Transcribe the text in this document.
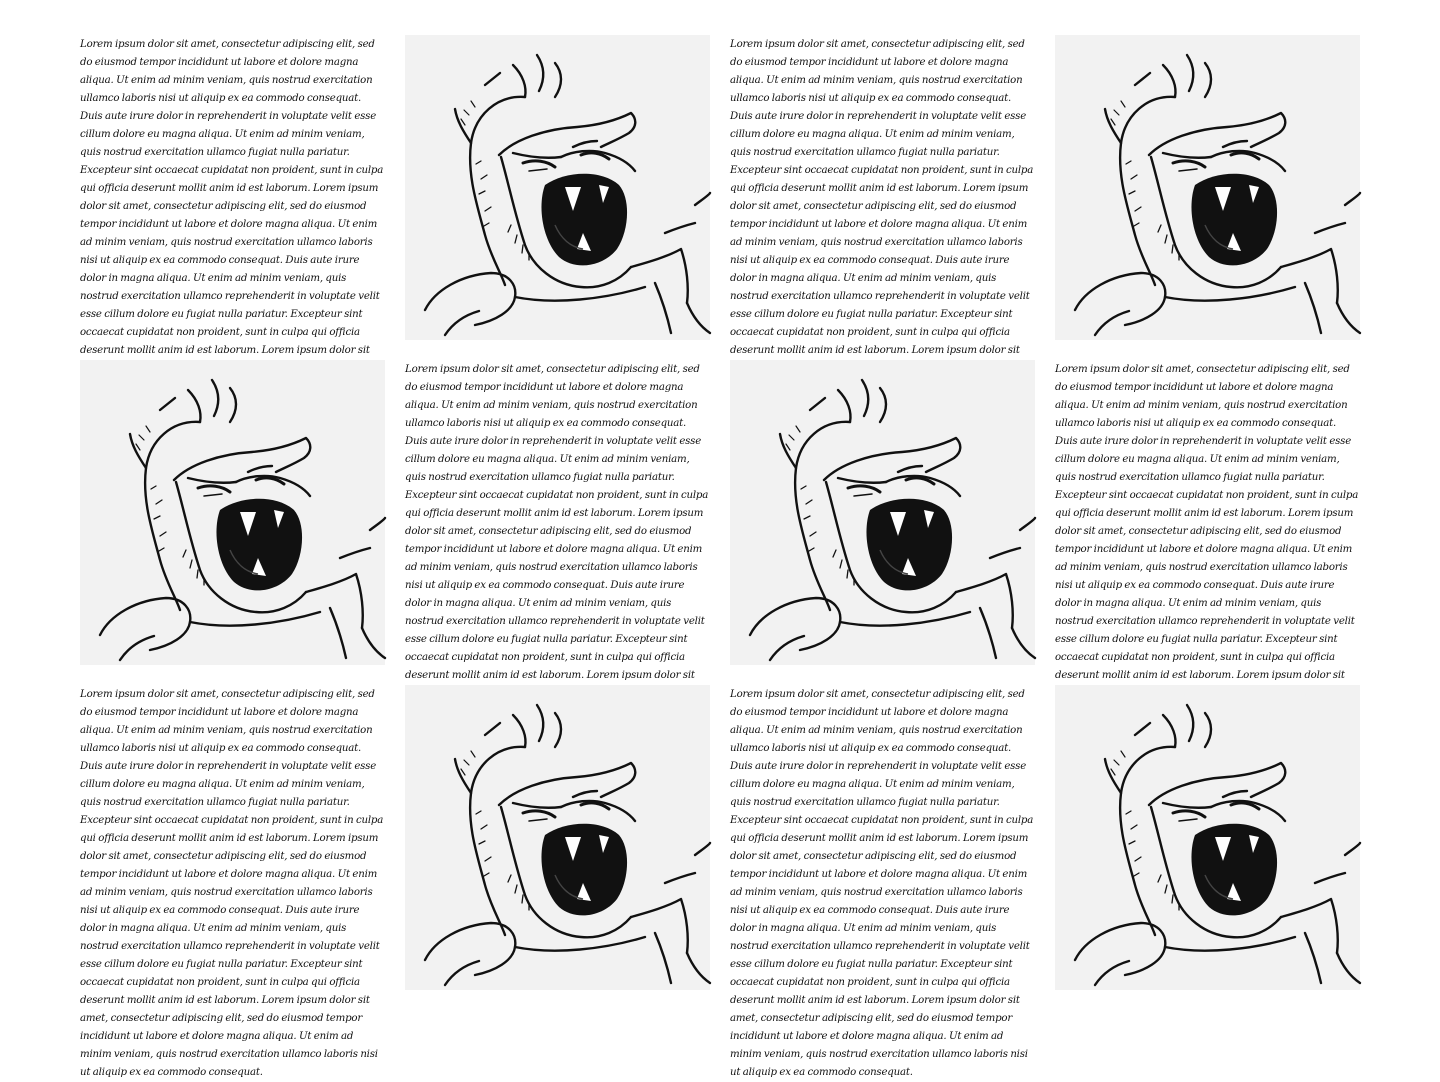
Lorem ipsum dolor sit amet, consectetur adipiscing elit, sed do eiusmod tempor incididunt ut labore et dolore magna aliqua. Ut enim ad minim veniam, quis nostrud exercitation ullamco laboris nisi ut aliquip ex ea commodo consequat. Duis aute irure dolor in reprehenderit in voluptate velit esse cillum dolore eu magna aliqua. Ut enim ad minim veniam, quis nostrud exercitation ullamco fugiat nulla pariatur. Excepteur sint occaecat cupidatat non proident, sunt in culpa qui officia deserunt mollit anim id est laborum. Lorem ipsum dolor sit amet, consectetur adipiscing elit, sed do eiusmod tempor incididunt ut labore et dolore magna aliqua. Ut enim ad minim veniam, quis nostrud exercitation ullamco laboris nisi ut aliquip ex ea commodo consequat. Duis aute irure dolor in magna aliqua. Ut enim ad minim veniam, quis nostrud exercitation ullamco reprehenderit in voluptate velit esse cillum dolore eu fugiat nulla pariatur. Excepteur sint occaecat cupidatat non proident, sunt in culpa qui officia deserunt mollit anim id est laborum. Lorem ipsum dolor sit

Lorem ipsum dolor sit amet, consectetur adipiscing elit, sed do eiusmod tempor incididunt ut labore et dolore magna aliqua. Ut enim ad minim veniam, quis nostrud exercitation ullamco laboris nisi ut aliquip ex ea commodo consequat. Duis aute irure dolor in reprehenderit in voluptate velit esse cillum dolore eu magna aliqua. Ut enim ad minim veniam, quis nostrud exercitation ullamco fugiat nulla pariatur. Excepteur sint occaecat cupidatat non proident, sunt in culpa qui officia deserunt mollit anim id est laborum. Lorem ipsum dolor sit amet, consectetur adipiscing elit, sed do eiusmod tempor incididunt ut labore et dolore magna aliqua. Ut enim ad minim veniam, quis nostrud exercitation ullamco laboris nisi ut aliquip ex ea commodo consequat. Duis aute irure dolor in magna aliqua. Ut enim ad minim veniam, quis nostrud exercitation ullamco reprehenderit in voluptate velit esse cillum dolore eu fugiat nulla pariatur. Excepteur sint occaecat cupidatat non proident, sunt in culpa qui officia deserunt mollit anim id est laborum. Lorem ipsum dolor sit

Lorem ipsum dolor sit amet, consectetur adipiscing elit, sed do eiusmod tempor incididunt ut labore et dolore magna aliqua. Ut enim ad minim veniam, quis nostrud exercitation ullamco laboris nisi ut aliquip ex ea commodo consequat. Duis aute irure dolor in reprehenderit in voluptate velit esse cillum dolore eu magna aliqua. Ut enim ad minim veniam, quis nostrud exercitation ullamco fugiat nulla pariatur. Excepteur sint occaecat cupidatat non proident, sunt in culpa qui officia deserunt mollit anim id est laborum. Lorem ipsum dolor sit amet, consectetur adipiscing elit, sed do eiusmod tempor incididunt ut labore et dolore magna aliqua. Ut enim ad minim veniam, quis nostrud exercitation ullamco laboris nisi ut aliquip ex ea commodo consequat. Duis aute irure dolor in magna aliqua. Ut enim ad minim veniam, quis nostrud exercitation ullamco reprehenderit in voluptate velit esse cillum dolore eu fugiat nulla pariatur. Excepteur sint occaecat cupidatat non proident, sunt in culpa qui officia deserunt mollit anim id est laborum. Lorem ipsum dolor sit

Lorem ipsum dolor sit amet, consectetur adipiscing elit, sed do eiusmod tempor incididunt ut labore et dolore magna aliqua. Ut enim ad minim veniam, quis nostrud exercitation ullamco laboris nisi ut aliquip ex ea commodo consequat. Duis aute irure dolor in reprehenderit in voluptate velit esse cillum dolore eu magna aliqua. Ut enim ad minim veniam, quis nostrud exercitation ullamco fugiat nulla pariatur. Excepteur sint occaecat cupidatat non proident, sunt in culpa qui officia deserunt mollit anim id est laborum. Lorem ipsum dolor sit amet, consectetur adipiscing elit, sed do eiusmod tempor incididunt ut labore et dolore magna aliqua. Ut enim ad minim veniam, quis nostrud exercitation ullamco laboris nisi ut aliquip ex ea commodo consequat. Duis aute irure dolor in magna aliqua. Ut enim ad minim veniam, quis nostrud exercitation ullamco reprehenderit in voluptate velit esse cillum dolore eu fugiat nulla pariatur. Excepteur sint occaecat cupidatat non proident, sunt in culpa qui officia deserunt mollit anim id est laborum. Lorem ipsum dolor sit

Lorem ipsum dolor sit amet, consectetur adipiscing elit, sed do eiusmod tempor incididunt ut labore et dolore magna aliqua. Ut enim ad minim veniam, quis nostrud exercitation ullamco laboris nisi ut aliquip ex ea commodo consequat. Duis aute irure dolor in reprehenderit in voluptate velit esse cillum dolore eu magna aliqua. Ut enim ad minim veniam, quis nostrud exercitation ullamco fugiat nulla pariatur. Excepteur sint occaecat cupidatat non proident, sunt in culpa qui officia deserunt mollit anim id est laborum. Lorem ipsum dolor sit amet, consectetur adipiscing elit, sed do eiusmod tempor incididunt ut labore et dolore magna aliqua. Ut enim ad minim veniam, quis nostrud exercitation ullamco laboris nisi ut aliquip ex ea commodo consequat. Duis aute irure dolor in magna aliqua. Ut enim ad minim veniam, quis nostrud exercitation ullamco reprehenderit in voluptate velit esse cillum dolore eu fugiat nulla pariatur. Excepteur sint occaecat cupidatat non proident, sunt in culpa qui officia deserunt mollit anim id est laborum. Lorem ipsum dolor sit amet, consectetur adipiscing elit, sed do eiusmod tempor incididunt ut labore et dolore magna aliqua. Ut enim ad minim veniam, quis nostrud exercitation ullamco laboris nisi ut aliquip ex ea commodo consequat.

Lorem ipsum dolor sit amet, consectetur adipiscing elit, sed do eiusmod tempor incididunt ut labore et dolore magna aliqua. Ut enim ad minim veniam, quis nostrud exercitation ullamco laboris nisi ut aliquip ex ea commodo consequat. Duis aute irure dolor in reprehenderit in voluptate velit esse cillum dolore eu magna aliqua. Ut enim ad minim veniam, quis nostrud exercitation ullamco fugiat nulla pariatur. Excepteur sint occaecat cupidatat non proident, sunt in culpa qui officia deserunt mollit anim id est laborum. Lorem ipsum dolor sit amet, consectetur adipiscing elit, sed do eiusmod tempor incididunt ut labore et dolore magna aliqua. Ut enim ad minim veniam, quis nostrud exercitation ullamco laboris nisi ut aliquip ex ea commodo consequat. Duis aute irure dolor in magna aliqua. Ut enim ad minim veniam, quis nostrud exercitation ullamco reprehenderit in voluptate velit esse cillum dolore eu fugiat nulla pariatur. Excepteur sint occaecat cupidatat non proident, sunt in culpa qui officia deserunt mollit anim id est laborum. Lorem ipsum dolor sit amet, consectetur adipiscing elit, sed do eiusmod tempor incididunt ut labore et dolore magna aliqua. Ut enim ad minim veniam, quis nostrud exercitation ullamco laboris nisi ut aliquip ex ea commodo consequat.
